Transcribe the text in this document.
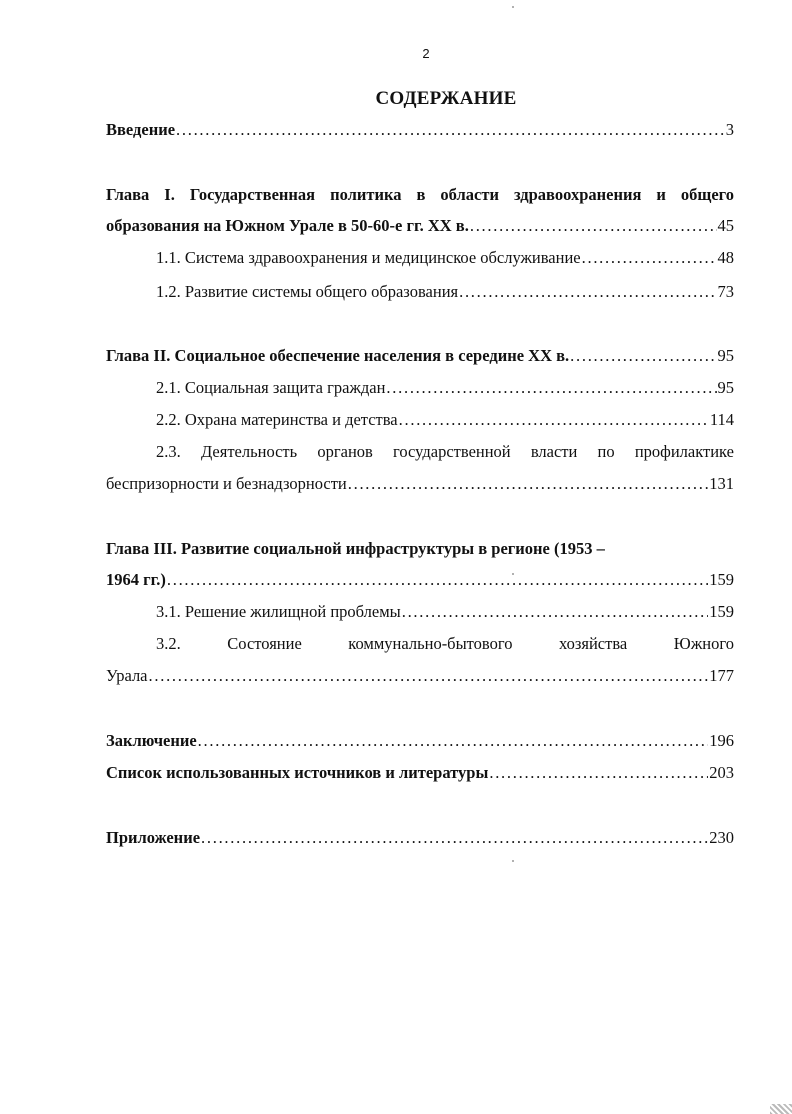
2
СОДЕРЖАНИЕ
Введение . . .	3
Глава I. Государственная политика в области здравоохранения и общего
образования на Южном Урале в 50-60-е гг. XX в. . . .	45
1.1. Система здравоохранения и медицинское обслуживание . . .	48
1.2. Развитие системы общего образования . . .	73
Глава II. Социальное обеспечение населения в середине XX в. . . .	95
2.1. Социальная защита граждан . . .	95
2.2. Охрана материнства и детства . . .	114
2.3. Деятельность органов государственной власти по профилактике
беспризорности и безнадзорности . . .	131
Глава III. Развитие социальной инфраструктуры в регионе (1953 –
1964 гг.) . . .	159
3.1. Решение жилищной проблемы . . .	159
3.2. Состояние коммунально-бытового хозяйства Южного
Урала . . .	177
Заключение . . .	196
Список использованных источников и литературы . . .	203
Приложение . . .	230
